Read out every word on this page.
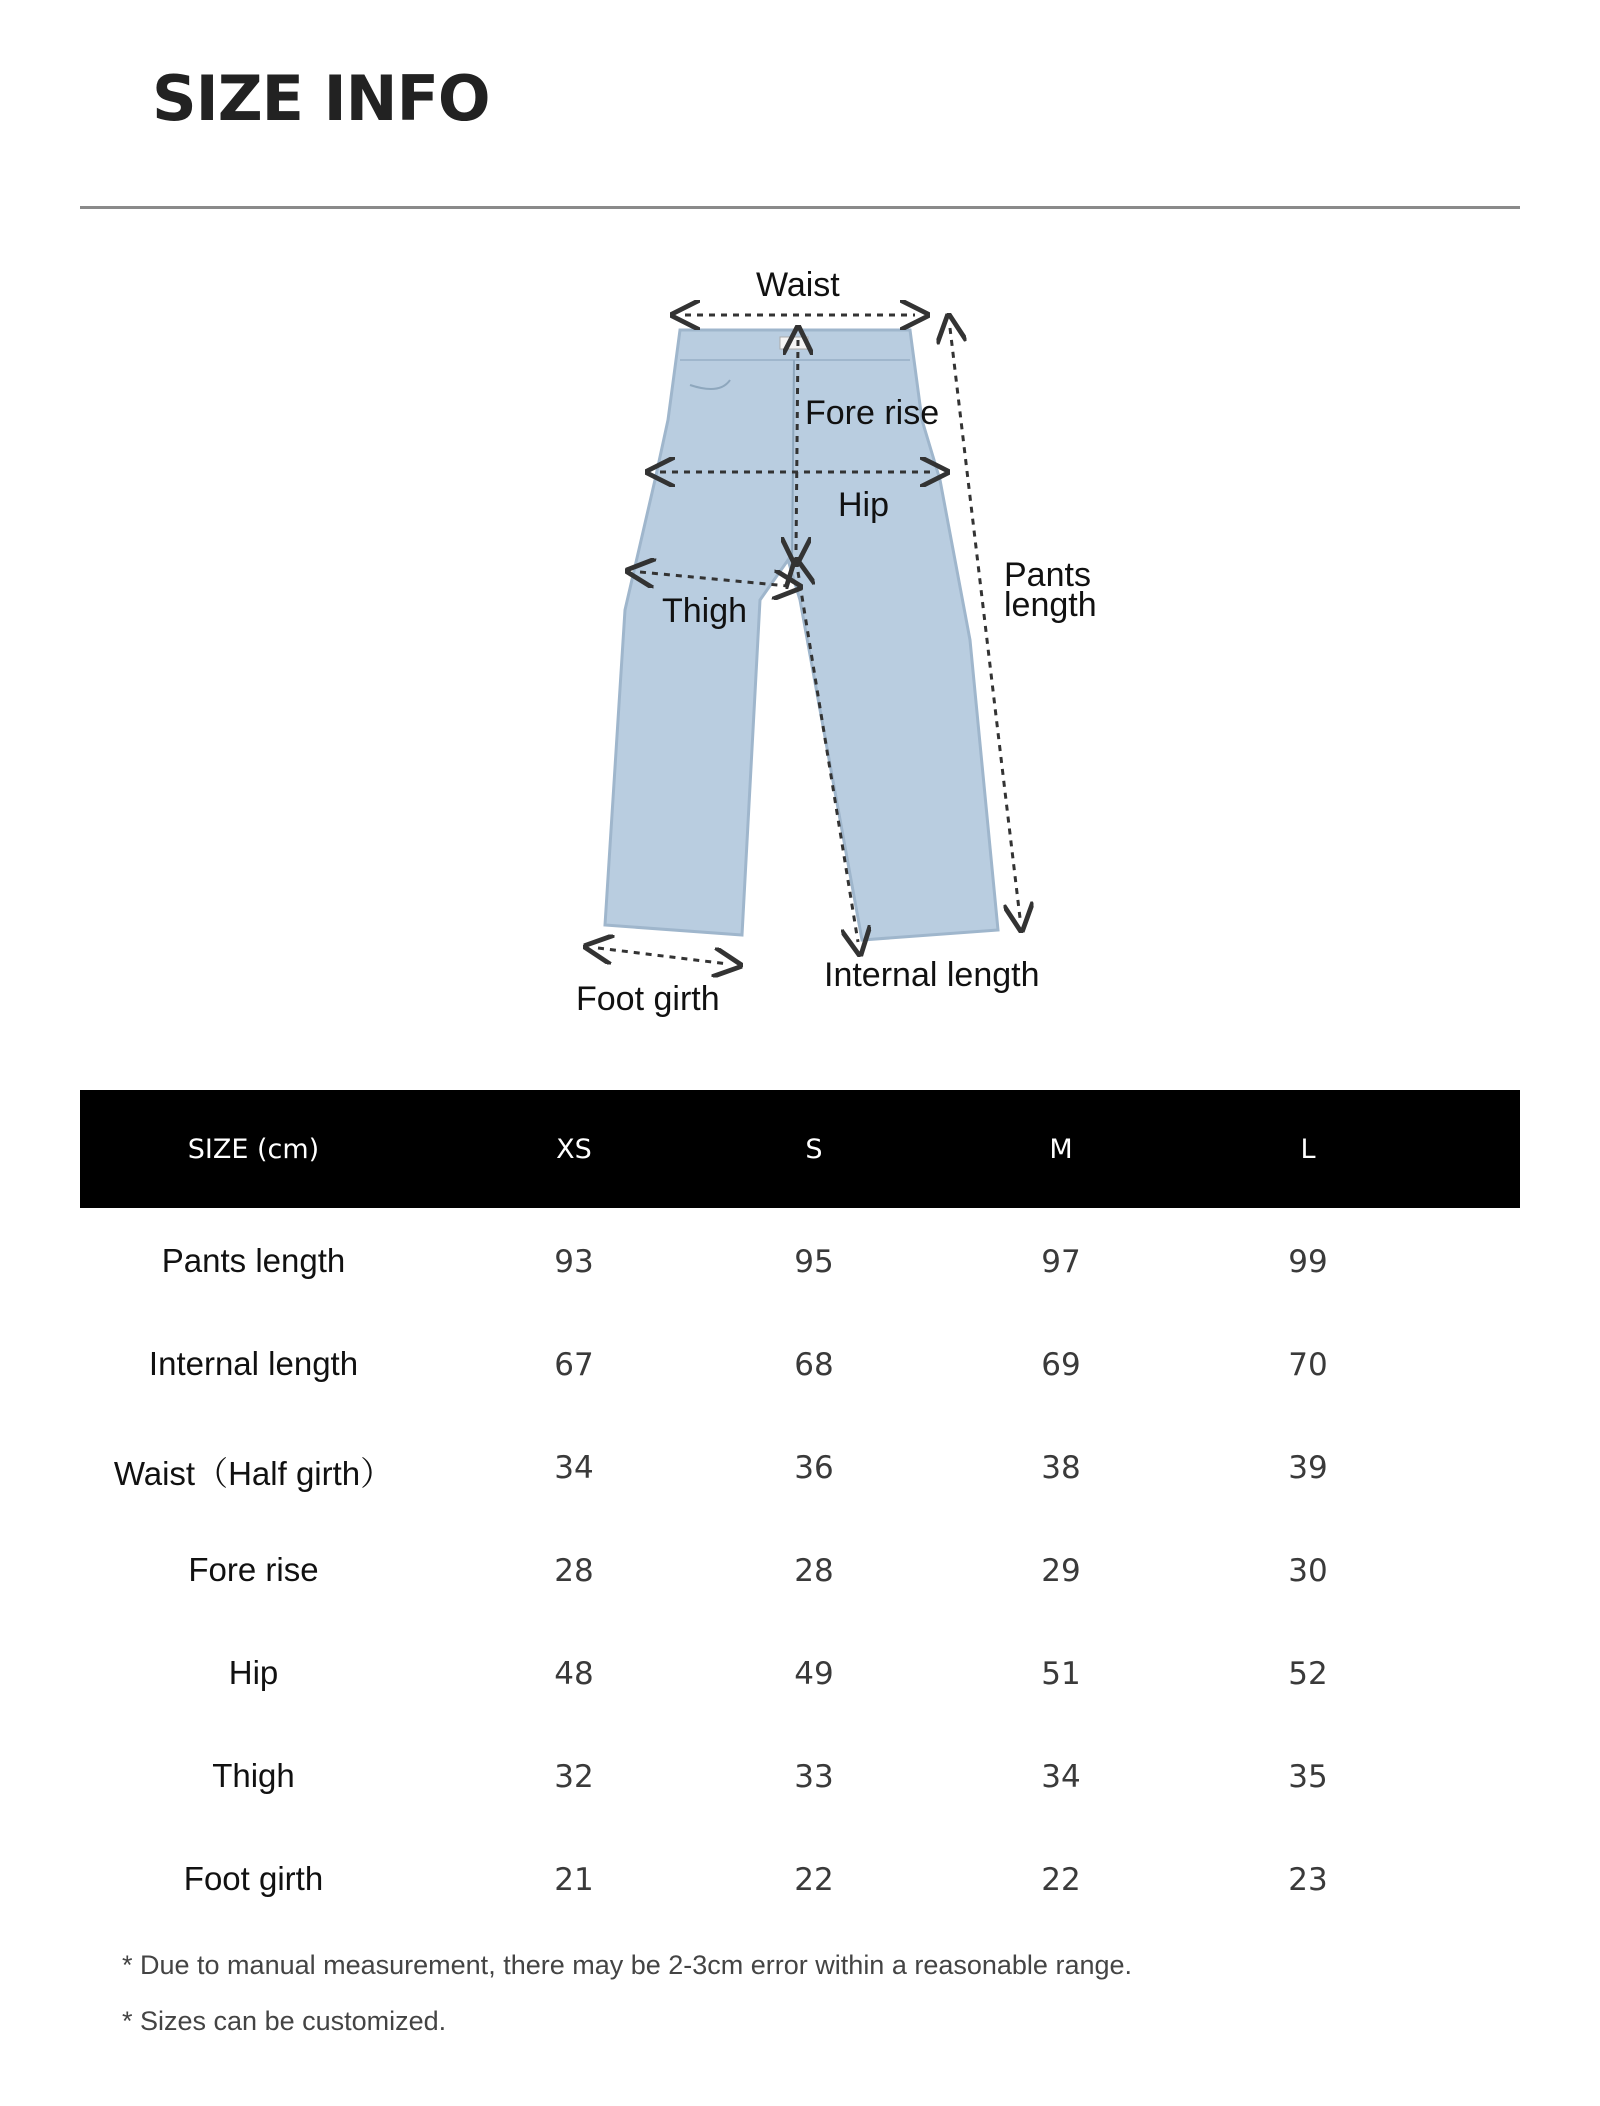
SIZE INFO
Waist
Fore rise
Hip
Thigh
Pants
length
Internal length
Foot girth
SIZE (cm)	XS	S	M	L
Pants length	93	95	97	99
Internal length	67	68	69	70
Waist（Half girth）	34	36	38	39
Fore rise	28	28	29	30
Hip	48	49	51	52
Thigh	32	33	34	35
Foot girth	21	22	22	23
* Due to manual measurement, there may be 2-3cm error within a reasonable range.
* Sizes can be customized.
